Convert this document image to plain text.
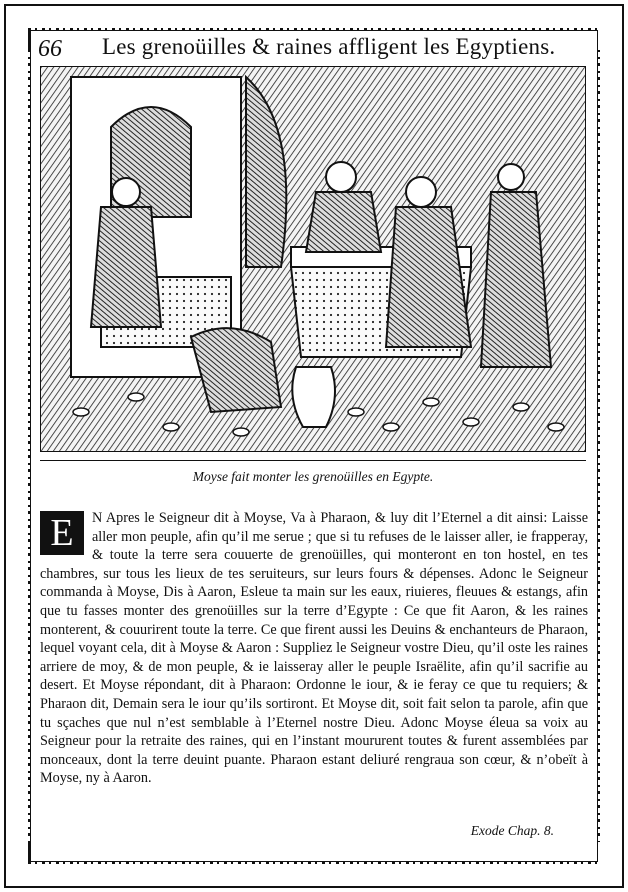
66 Les grenoüilles & raines affligent les Egyptiens.
Moyse fait monter les grenoüilles en Egypte.
E	N Apres le Seigneur dit à Moyse, Va à Pharaon, & luy dit l’Eternel a dit ainsi: Laisse aller mon peuple, afin qu’il me serue ; que si tu refuses de le laisser aller, ie frapperay, & toute la terre sera couuerte de grenoüilles, qui monteront en ton hostel, en tes chambres, sur tous les lieux de tes seruiteurs, sur leurs fours & dépenses. Adonc le Seigneur commanda à Moyse, Dis à Aaron, Esleue ta main sur les eaux, riuieres, fleuues & estangs, afin que tu fasses monter des grenoüilles sur la terre d’Egypte : Ce que fit Aaron, & les raines monterent, & couurirent toute la terre. Ce que firent aussi les Deuins & enchanteurs de Pharaon, lequel voyant cela, dit à Moyse & Aaron : Suppliez le Seigneur vostre Dieu, qu’il oste les raines arriere de moy, & de mon peuple, & ie laisseray aller le peuple Israëlite, afin qu’il sacrifie au desert. Et Moyse répondant, dit à Pharaon: Ordonne le iour, & ie feray ce que tu requiers; & Pharaon dit, Demain sera le iour qu’ils sortiront. Et Moyse dit, soit fait selon ta parole, afin que tu sçaches que nul n’est semblable à l’Eternel nostre Dieu. Adonc Moyse éleua sa voix au Seigneur pour la retraite des raines, qui en l’instant moururent toutes & furent assemblées par monceaux, dont la terre deuint puante. Pharaon estant deliuré rengraua son cœur, & n’obeït à Moyse, ny à Aaron.
Exode Chap. 8.
